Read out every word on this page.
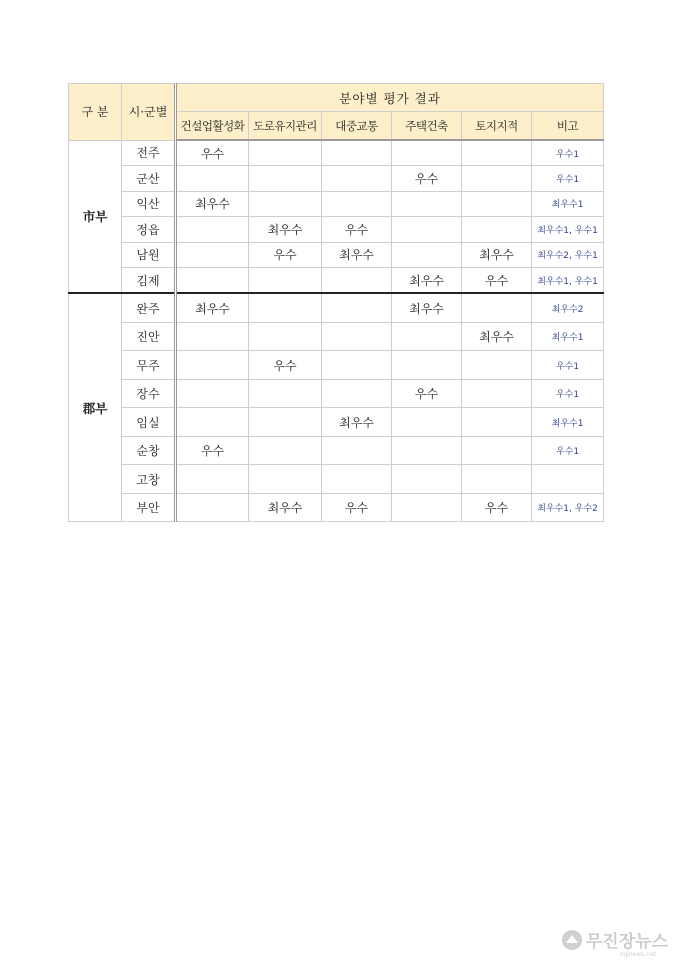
구 분	시·군별	분야별 평가 결과					
		건설업활성화	도로유지관리	대중교통	주택건축	토지지적	비고
市부	전주	우수					우수1
	군산				우수		우수1
	익산	최우수					최우수1
	정읍		최우수	우수			최우수1, 우수1
	남원		우수	최우수		최우수	최우수2, 우수1
	김제				최우수	우수	최우수1, 우수1
郡부	완주	최우수			최우수		최우수2
	진안					최우수	최우수1
	무주		우수				우수1
	장수				우수		우수1
	임실			최우수			최우수1
	순창	우수					우수1
	고창						
	부안		최우수	우수		우수	최우수1, 우수2
무진장뉴스
mjjnews.net
